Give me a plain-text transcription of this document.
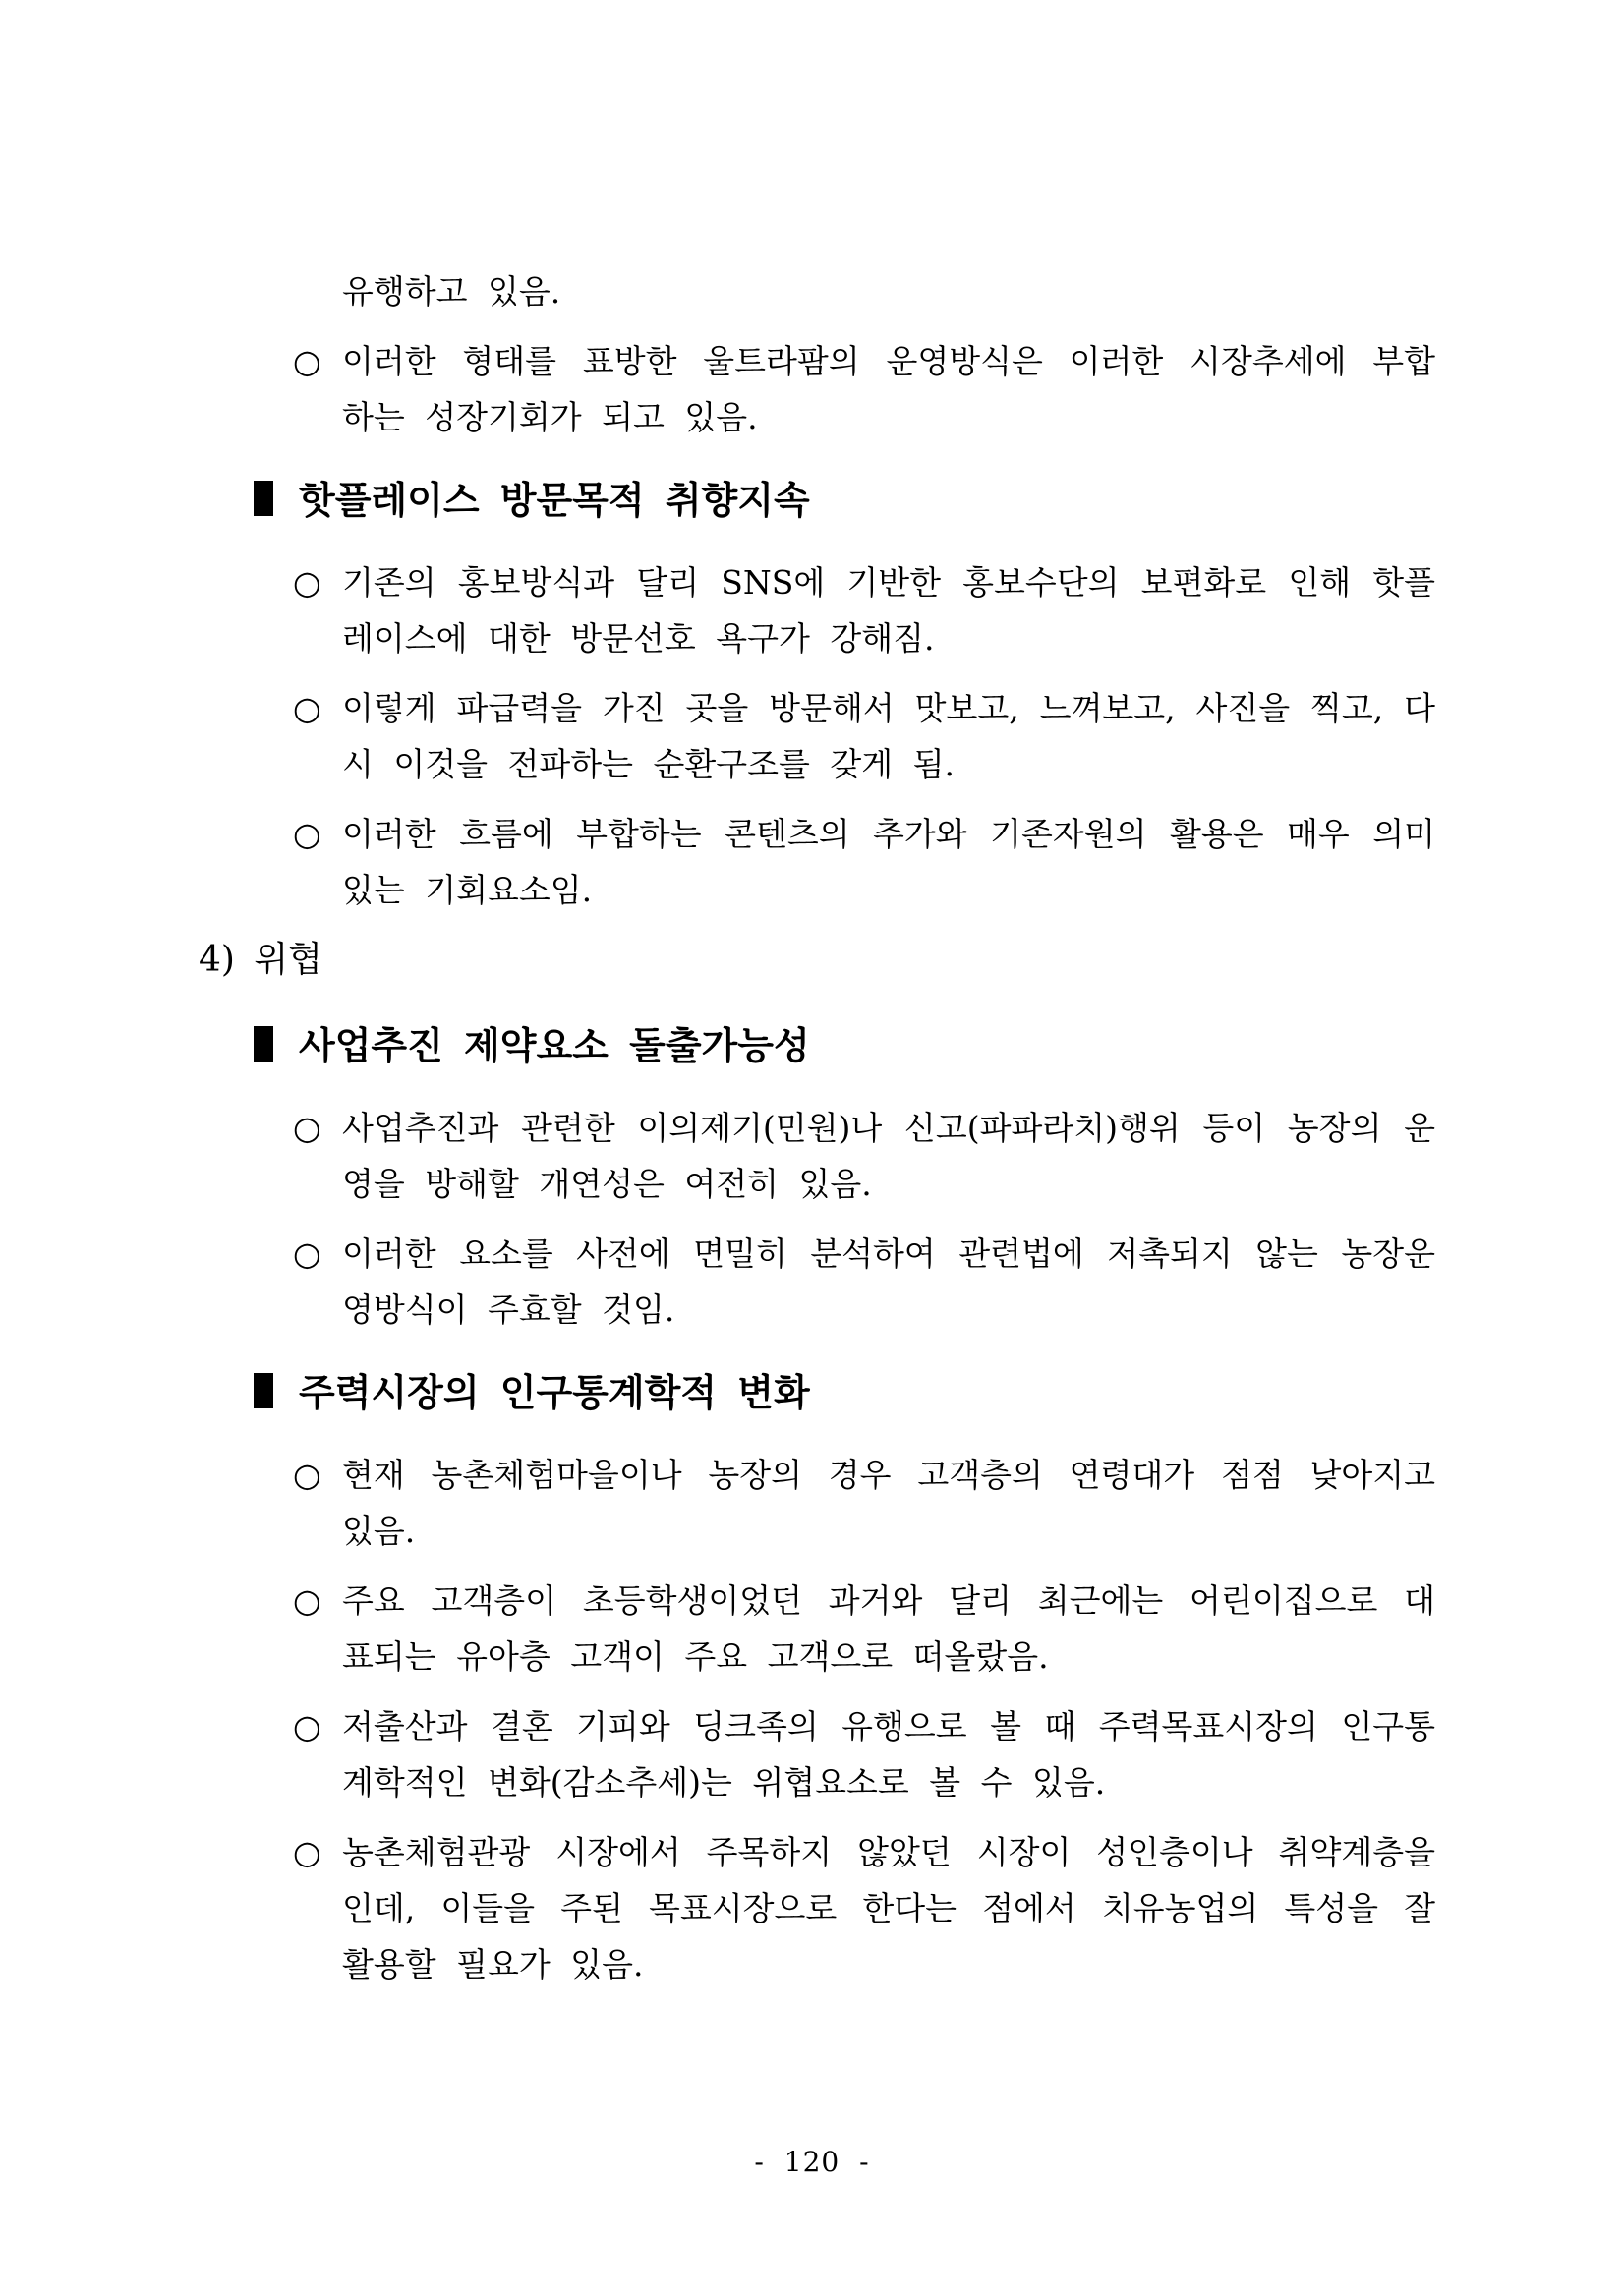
유행하고 있음.
○ 이러한 형태를 표방한 울트라팜의 운영방식은 이러한 시장추세에 부합
하는 성장기회가 되고 있음.
핫플레이스 방문목적 취향지속
○ 기존의 홍보방식과 달리 SNS에 기반한 홍보수단의 보편화로 인해 핫플
레이스에 대한 방문선호 욕구가 강해짐.
○ 이렇게 파급력을 가진 곳을 방문해서 맛보고, 느껴보고, 사진을 찍고, 다
시 이것을 전파하는 순환구조를 갖게 됨.
○ 이러한 흐름에 부합하는 콘텐츠의 추가와 기존자원의 활용은 매우 의미
있는 기회요소임.
4) 위협
사업추진 제약요소 돌출가능성
○ 사업추진과 관련한 이의제기(민원)나 신고(파파라치)행위 등이 농장의 운
영을 방해할 개연성은 여전히 있음.
○ 이러한 요소를 사전에 면밀히 분석하여 관련법에 저촉되지 않는 농장운
영방식이 주효할 것임.
주력시장의 인구통계학적 변화
○ 현재 농촌체험마을이나 농장의 경우 고객층의 연령대가 점점 낮아지고
있음.
○ 주요 고객층이 초등학생이었던 과거와 달리 최근에는 어린이집으로 대
표되는 유아층 고객이 주요 고객으로 떠올랐음.
○ 저출산과 결혼 기피와 딩크족의 유행으로 볼 때 주력목표시장의 인구통
계학적인 변화(감소추세)는 위협요소로 볼 수 있음.
○ 농촌체험관광 시장에서 주목하지 않았던 시장이 성인층이나 취약계층을
인데, 이들을 주된 목표시장으로 한다는 점에서 치유농업의 특성을 잘
활용할 필요가 있음.
- 120 -
